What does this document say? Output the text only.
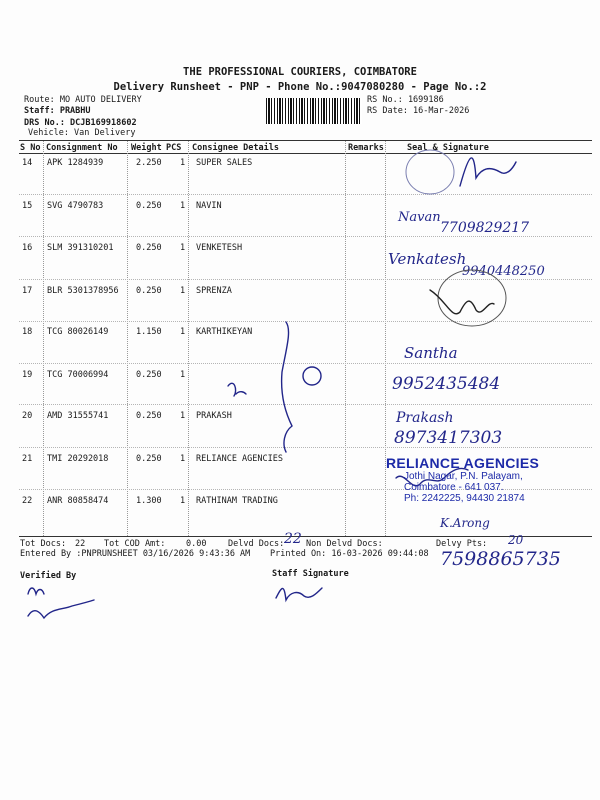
THE PROFESSIONAL COURIERS, COIMBATORE
Delivery Runsheet - PNP - Phone No.:9047080280 - Page No.:2
Route: MO AUTO DELIVERY
Staff: PRABHU
DRS No.: DCJB169918602
Vehicle: Van Delivery
RS No.: 1699186
RS Date: 16-Mar-2026
S No Consignment No Weight PCS Consignee Details	Remarks	Seal & Signature
14 APK 1284939	2.250 1 SUPER SALES
15 SVG 4790783	0.250 1 NAVIN
16 SLM 391310201	0.250 1 VENKETESH
17 BLR 5301378956 0.250 1 SPRENZA
18 TCG 80026149	1.150 1 KARTHIKEYAN
19 TCG 70006994	0.250 1
20 AMD 31555741	0.250 1 PRAKASH
21 TMI 20292018	0.250 1 RELIANCE AGENCIES
22 ANR 80858474	1.300 1 RATHINAM TRADING
Tot Docs: 22 Tot COD Amt: 0.00	Delvd Docs: 22 Non Delvd Docs:	Delvy Pts: 20
Entered By :PNPRUNSHEET 03/16/2026 9:43:36 AM Printed On: 16-03-2026 09:44:08
Verified By	Staff Signature
Navan
7709829217
Venkatesh
9940448250
Santha
9952435484
Prakash
8973417303
K.Arong
7598865735
RELIANCE AGENCIES
Jothi Nagar, P.N. Palayam,
Coimbatore - 641 037.
Ph: 2242225, 94430 21874
